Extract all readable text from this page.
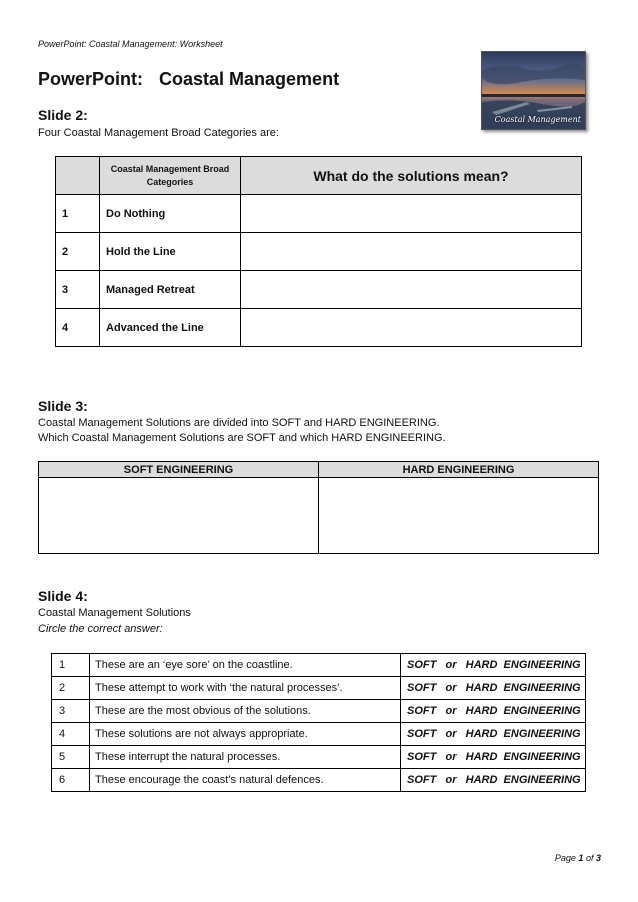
PowerPoint: Coastal Management: Worksheet
PowerPoint: Coastal Management
Coastal Management
Slide 2:
Four Coastal Management Broad Categories are:
	Coastal Management Broad Categories	What do the solutions mean?
1	Do Nothing	
2	Hold the Line	
3	Managed Retreat	
4	Advanced the Line	
Slide 3:
Coastal Management Solutions are divided into SOFT and HARD ENGINEERING.
Which Coastal Management Solutions are SOFT and which HARD ENGINEERING.
SOFT ENGINEERING	HARD ENGINEERING

Slide 4:
Coastal Management Solutions
Circle the correct answer:
1	These are an ‘eye sore’ on the coastline.	SOFT   or   HARD  ENGINEERING
2	These attempt to work with ‘the natural processes’.	SOFT   or   HARD  ENGINEERING
3	These are the most obvious of the solutions.	SOFT   or   HARD  ENGINEERING
4	These solutions are not always appropriate.	SOFT   or   HARD  ENGINEERING
5	These interrupt the natural processes.	SOFT   or   HARD  ENGINEERING
6	These encourage the coast’s natural defences.	SOFT   or   HARD  ENGINEERING
Page 1 of 3
